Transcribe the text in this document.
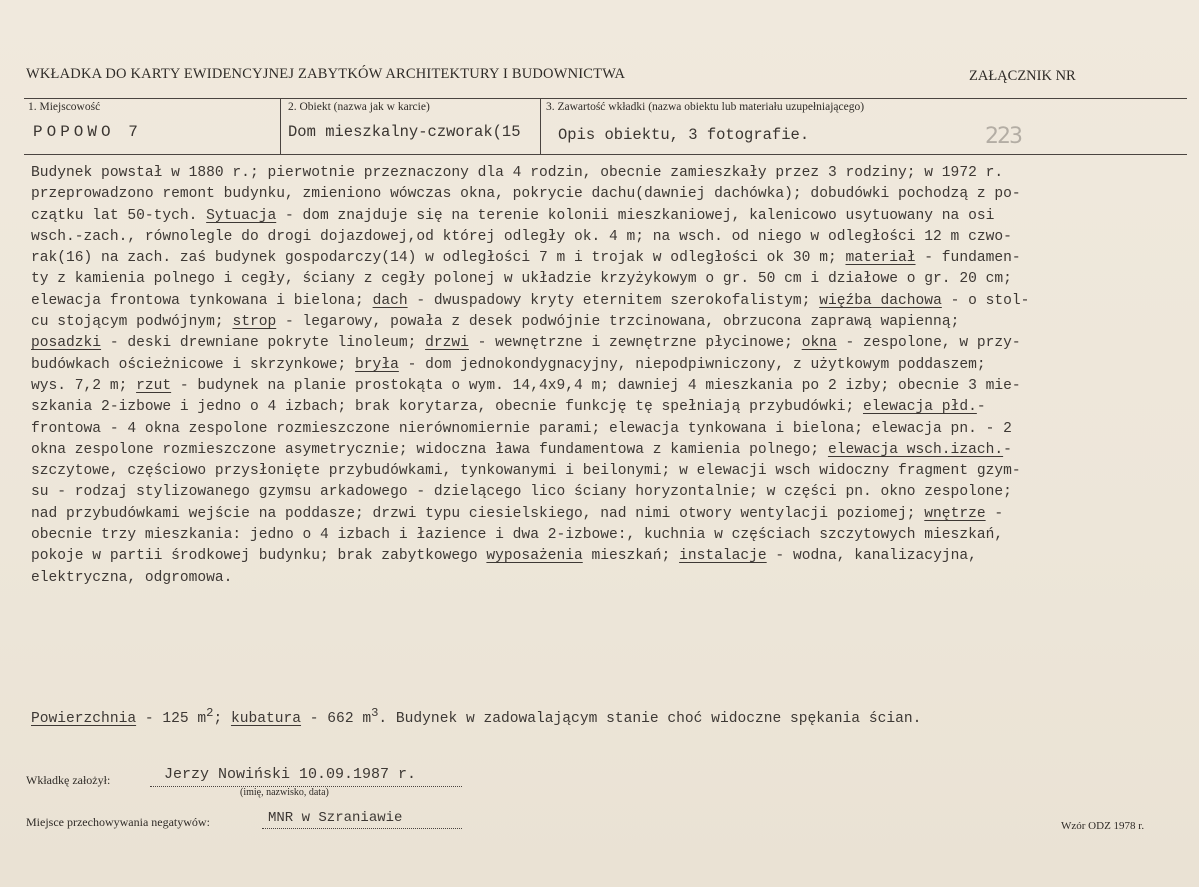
WKŁADKA DO KARTY EWIDENCYJNEJ ZABYTKÓW ARCHITEKTURY I BUDOWNICTWA	ZAŁĄCZNIK NR
1. Miejscowość
POPOWO 7
2. Obiekt (nazwa jak w karcie)
Dom mieszkalny-czworak(15
3. Zawartość wkładki (nazwa obiektu lub materiału uzupełniającego)
Opis obiektu, 3 fotografie.	223

Budynek powstał w 1880 r.; pierwotnie przeznaczony dla 4 rodzin, obecnie zamieszkały przez 3 rodziny; w 1972 r.

przeprowadzono remont budynku, zmieniono wówczas okna, pokrycie dachu(dawniej dachówka); dobudówki pochodzą z po-

czątku lat 50-tych. Sytuacja - dom znajduje się na terenie kolonii mieszkaniowej, kalenicowo usytuowany na osi

wsch.-zach., równolegle do drogi dojazdowej,od której odległy ok. 4 m; na wsch. od niego w odległości 12 m czwo-

rak(16) na zach. zaś budynek gospodarczy(14) w odległości 7 m i trojak w odległości ok 30 m; materiał - fundamen-

ty z kamienia polnego i cegły, ściany z cegły polonej w układzie krzyżykowym o gr. 50 cm i działowe o gr. 20 cm;

elewacja frontowa tynkowana i bielona; dach - dwuspadowy kryty eternitem szerokofalistym; więźba dachowa - o stol-

cu stojącym podwójnym; strop - legarowy, powała z desek podwójnie trzcinowana, obrzucona zaprawą wapienną;

posadzki - deski drewniane pokryte linoleum; drzwi - wewnętrzne i zewnętrzne płycinowe; okna - zespolone, w przy-

budówkach ościeżnicowe i skrzynkowe; bryła - dom jednokondygnacyjny, niepodpiwniczony, z użytkowym poddaszem;

wys. 7,2 m; rzut - budynek na planie prostokąta o wym. 14,4x9,4 m; dawniej 4 mieszkania po 2 izby; obecnie 3 mie-

szkania 2-izbowe i jedno o 4 izbach; brak korytarza, obecnie funkcję tę spełniają przybudówki; elewacja płd.-

frontowa - 4 okna zespolone rozmieszczone nierównomiernie parami; elewacja tynkowana i bielona; elewacja pn. - 2

okna zespolone rozmieszczone asymetrycznie; widoczna ława fundamentowa z kamienia polnego; elewacja wsch.izach.-

szczytowe, częściowo przysłonięte przybudówkami, tynkowanymi i beilonymi; w elewacji wsch widoczny fragment gzym-

su - rodzaj stylizowanego gzymsu arkadowego - dzielącego lico ściany horyzontalnie; w części pn. okno zespolone;

nad przybudówkami wejście na poddasze; drzwi typu ciesielskiego, nad nimi otwory wentylacji poziomej; wnętrze -

obecnie trzy mieszkania: jedno o 4 izbach i łazience i dwa 2-izbowe:, kuchnia w częściach szczytowych mieszkań,

pokoje w partii środkowej budynku; brak zabytkowego wyposażenia mieszkań; instalacje - wodna, kanalizacyjna,

elektryczna, odgromowa.

Powierzchnia - 125 $m^2$; kubatura - 662 $m^3$. Budynek w zadowalającym stanie choć widoczne spękania ścian.
Wkładkę założył:	Jerzy Nowiński 10.09.1987 r.
(imię, nazwisko, data)
Miejsce przechowywania negatywów:	MNR w Szraniawie	Wzór ODZ 1978 r.
